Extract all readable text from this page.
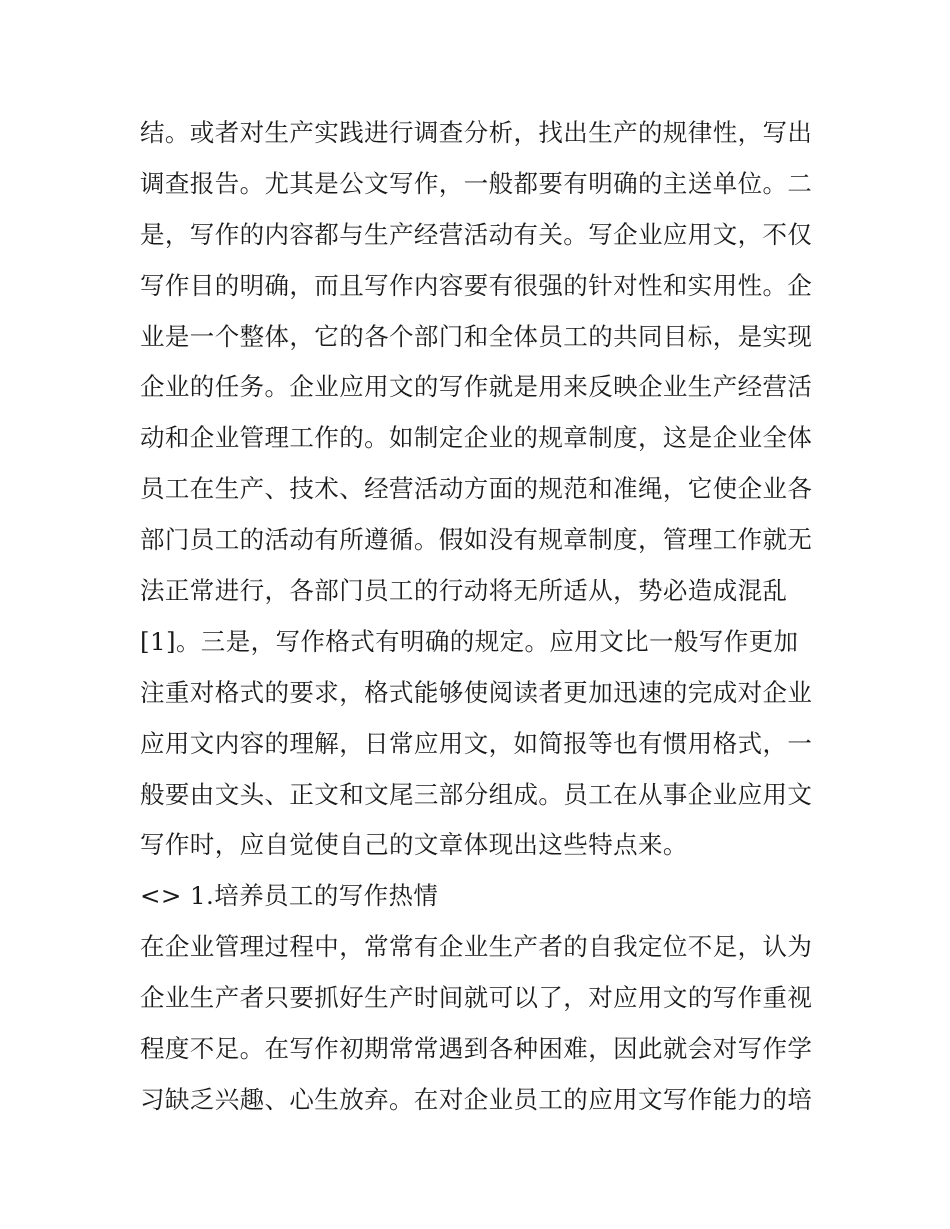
结。或者对生产实践进行调查分析，找出生产的规律性，写出
调查报告。尤其是公文写作，一般都要有明确的主送单位。二
是，写作的内容都与生产经营活动有关。写企业应用文，不仅
写作目的明确，而且写作内容要有很强的针对性和实用性。企
业是一个整体，它的各个部门和全体员工的共同目标，是实现
企业的任务。企业应用文的写作就是用来反映企业生产经营活
动和企业管理工作的。如制定企业的规章制度，这是企业全体
员工在生产、技术、经营活动方面的规范和准绳，它使企业各
部门员工的活动有所遵循。假如没有规章制度，管理工作就无
法正常进行，各部门员工的行动将无所适从，势必造成混乱
[1]。三是，写作格式有明确的规定。应用文比一般写作更加
注重对格式的要求，格式能够使阅读者更加迅速的完成对企业
应用文内容的理解，日常应用文，如简报等也有惯用格式，一
般要由文头、正文和文尾三部分组成。员工在从事企业应用文
写作时，应自觉使自己的文章体现出这些特点来。
<> 1.培养员工的写作热情
在企业管理过程中，常常有企业生产者的自我定位不足，认为
企业生产者只要抓好生产时间就可以了，对应用文的写作重视
程度不足。在写作初期常常遇到各种困难，因此就会对写作学
习缺乏兴趣、心生放弃。在对企业员工的应用文写作能力的培
